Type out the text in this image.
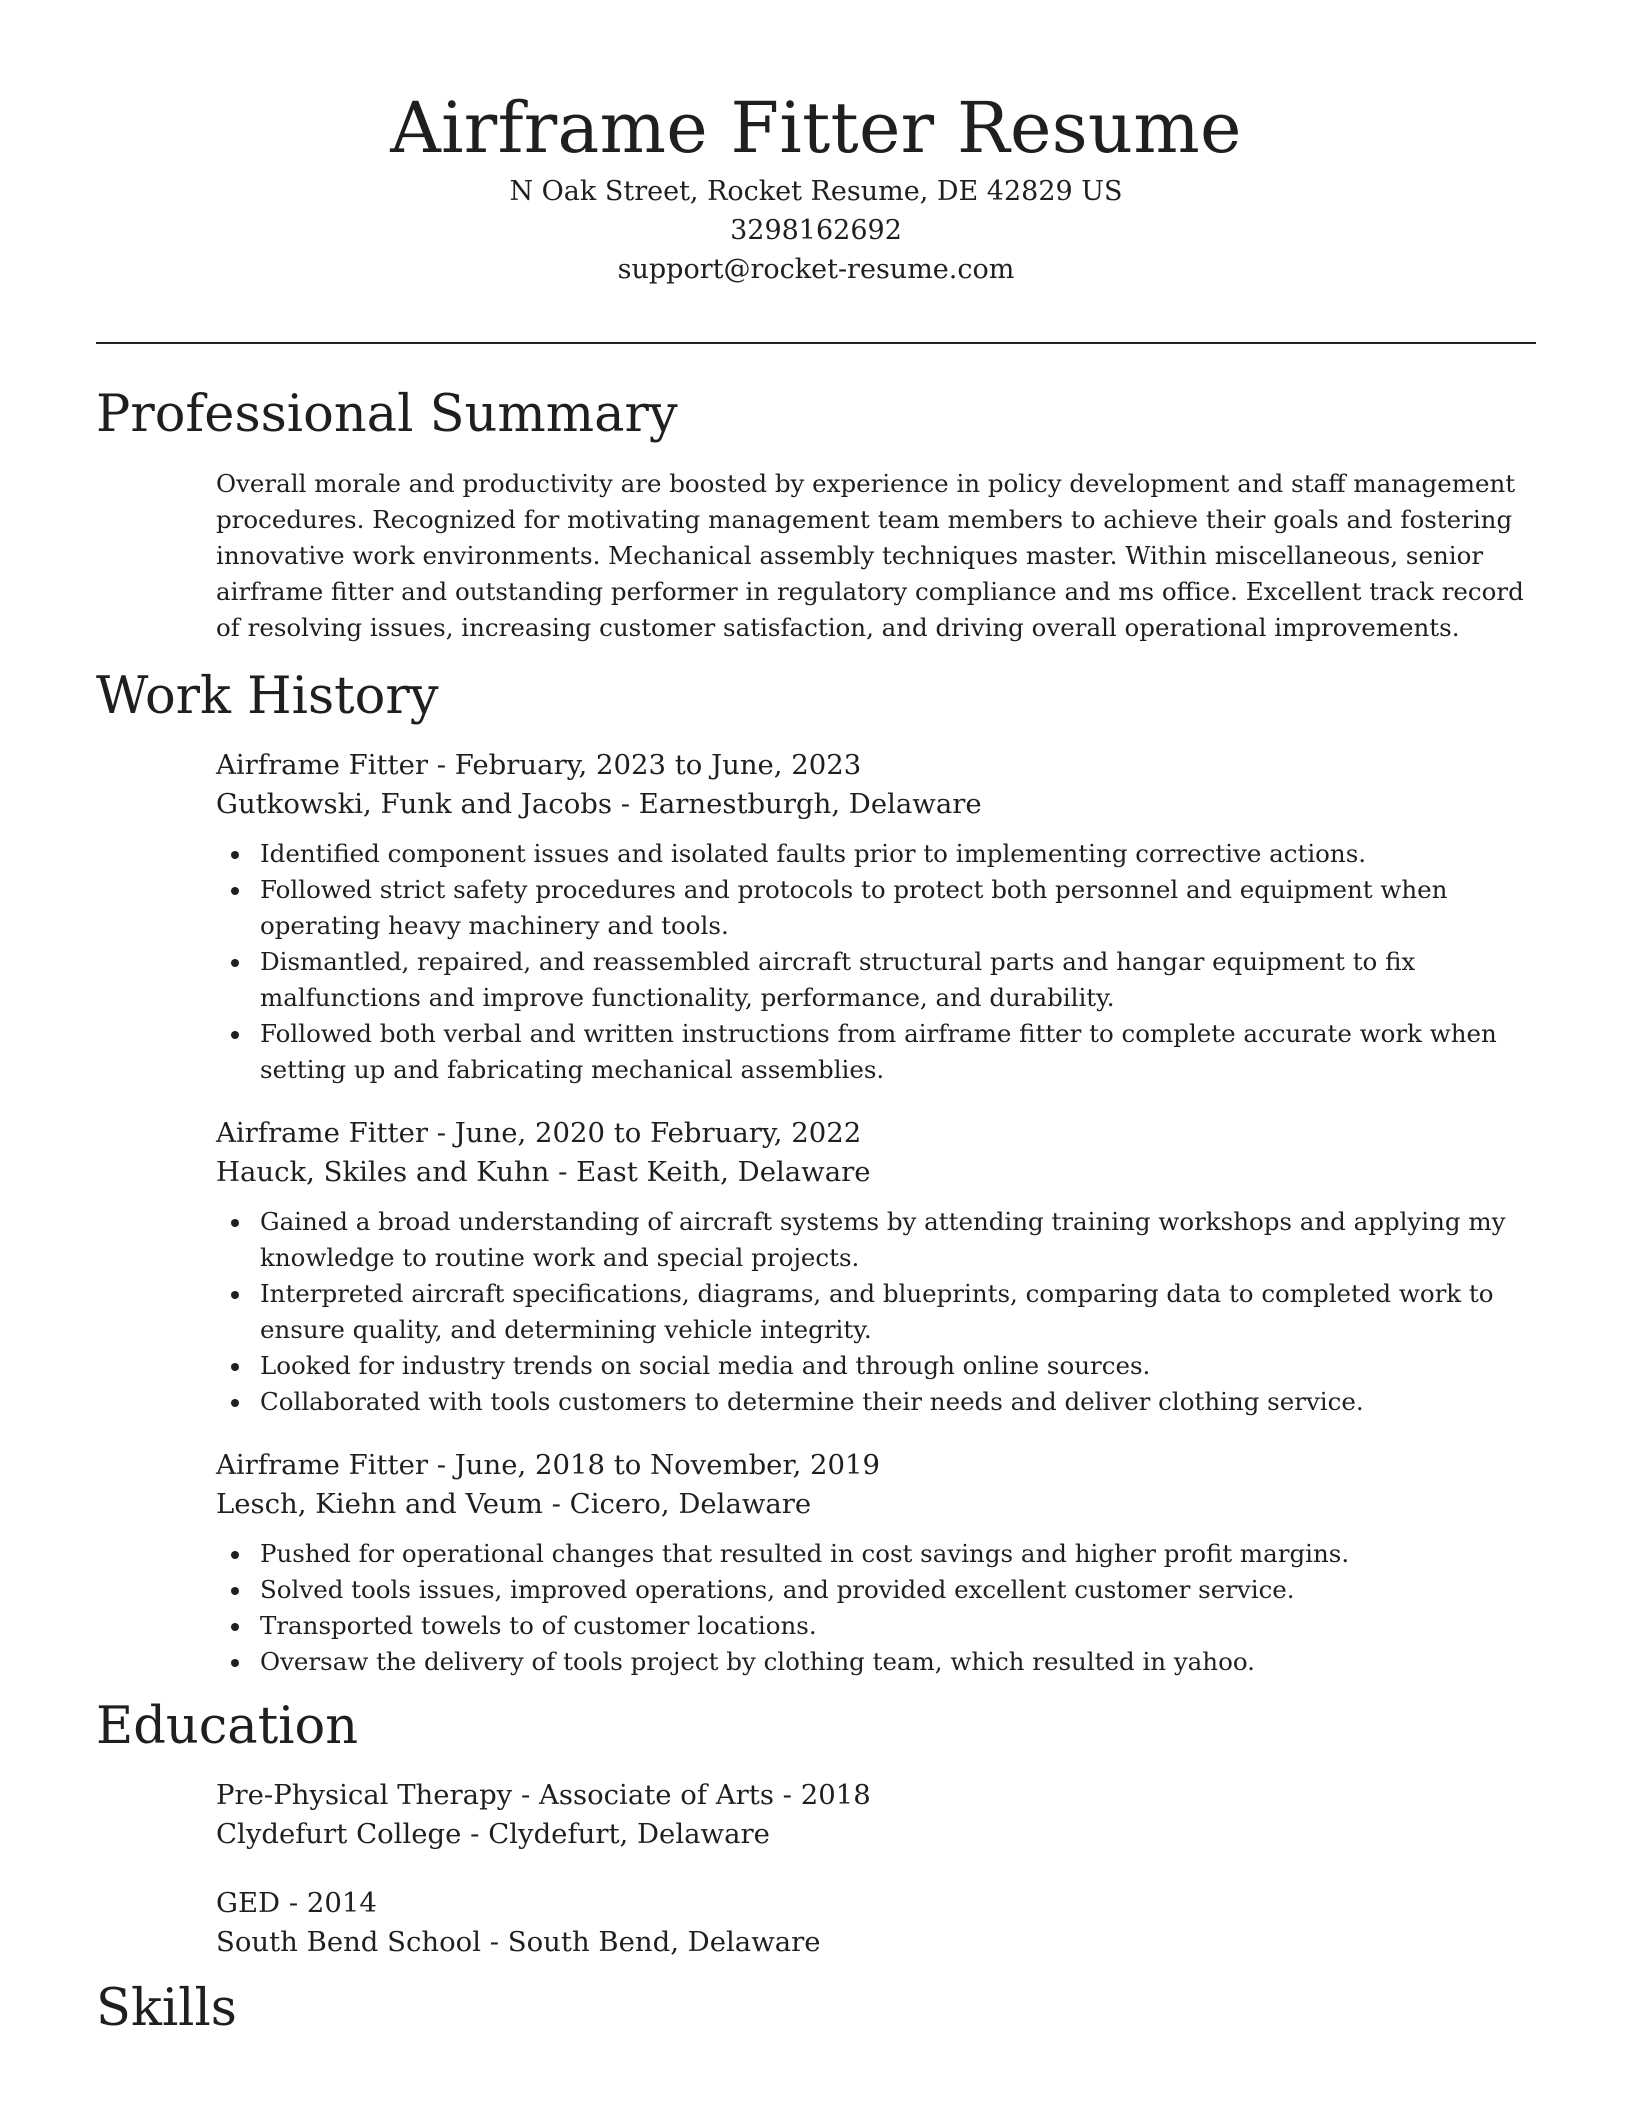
Airframe Fitter Resume
N Oak Street, Rocket Resume, DE 42829 US
3298162692
support@rocket-resume.com
Professional Summary
Overall morale and productivity are boosted by experience in policy development and staff management procedures. Recognized for motivating management team members to achieve their goals and fostering innovative work environments. Mechanical assembly techniques master. Within miscellaneous, senior airframe fitter and outstanding performer in regulatory compliance and ms office. Excellent track record of resolving issues, increasing customer satisfaction, and driving overall operational improvements.
Work History
Airframe Fitter - February, 2023 to June, 2023
Gutkowski, Funk and Jacobs - Earnestburgh, Delaware
Identified component issues and isolated faults prior to implementing corrective actions.
Followed strict safety procedures and protocols to protect both personnel and equipment when operating heavy machinery and tools.
Dismantled, repaired, and reassembled aircraft structural parts and hangar equipment to fix malfunctions and improve functionality, performance, and durability.
Followed both verbal and written instructions from airframe fitter to complete accurate work when setting up and fabricating mechanical assemblies.
Airframe Fitter - June, 2020 to February, 2022
Hauck, Skiles and Kuhn - East Keith, Delaware
Gained a broad understanding of aircraft systems by attending training workshops and applying my knowledge to routine work and special projects.
Interpreted aircraft specifications, diagrams, and blueprints, comparing data to completed work to ensure quality, and determining vehicle integrity.
Looked for industry trends on social media and through online sources.
Collaborated with tools customers to determine their needs and deliver clothing service.
Airframe Fitter - June, 2018 to November, 2019
Lesch, Kiehn and Veum - Cicero, Delaware
Pushed for operational changes that resulted in cost savings and higher profit margins.
Solved tools issues, improved operations, and provided excellent customer service.
Transported towels to of customer locations.
Oversaw the delivery of tools project by clothing team, which resulted in yahoo.
Education
Pre-Physical Therapy - Associate of Arts - 2018
Clydefurt College - Clydefurt, Delaware
GED - 2014
South Bend School - South Bend, Delaware
Skills
